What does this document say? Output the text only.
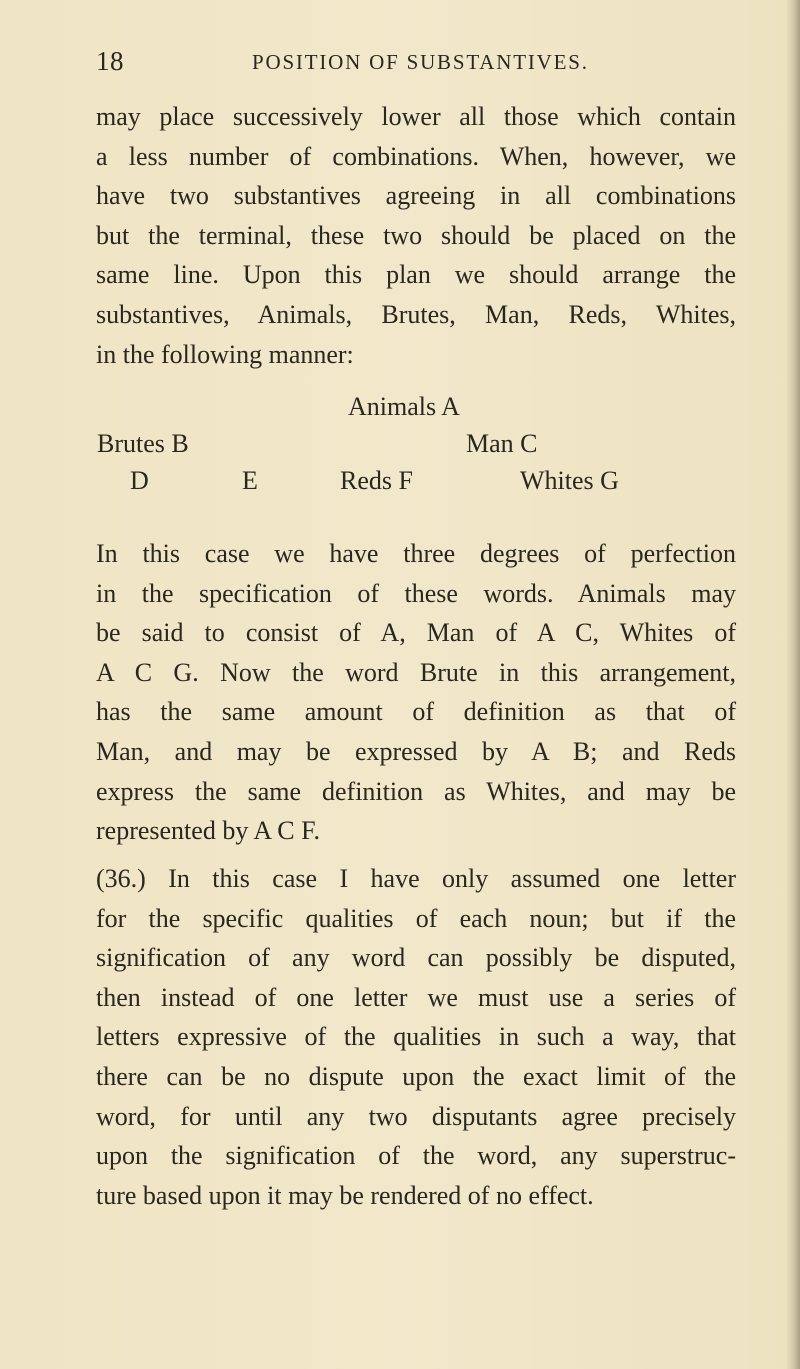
18	POSITION OF SUBSTANTIVES.

may place successively lower all those which contain
a less number of combinations. When, however, we
have two substantives agreeing in all combinations
but the terminal, these two should be placed on the
same line. Upon this plan we should arrange the
substantives, Animals, Brutes, Man, Reds, Whites,
in the following manner:

Animals A
Brutes B	Man C
D	E	Reds F	Whites G

In this case we have three degrees of perfection
in the specification of these words. Animals may
be said to consist of A, Man of A C, Whites of
A C G. Now the word Brute in this arrangement,
has the same amount of definition as that of
Man, and may be expressed by A B; and Reds
express the same definition as Whites, and may be
represented by A C F.

(36.) In this case I have only assumed one letter
for the specific qualities of each noun; but if the
signification of any word can possibly be disputed,
then instead of one letter we must use a series of
letters expressive of the qualities in such a way, that
there can be no dispute upon the exact limit of the
word, for until any two disputants agree precisely
upon the signification of the word, any superstruc-
ture based upon it may be rendered of no effect.
